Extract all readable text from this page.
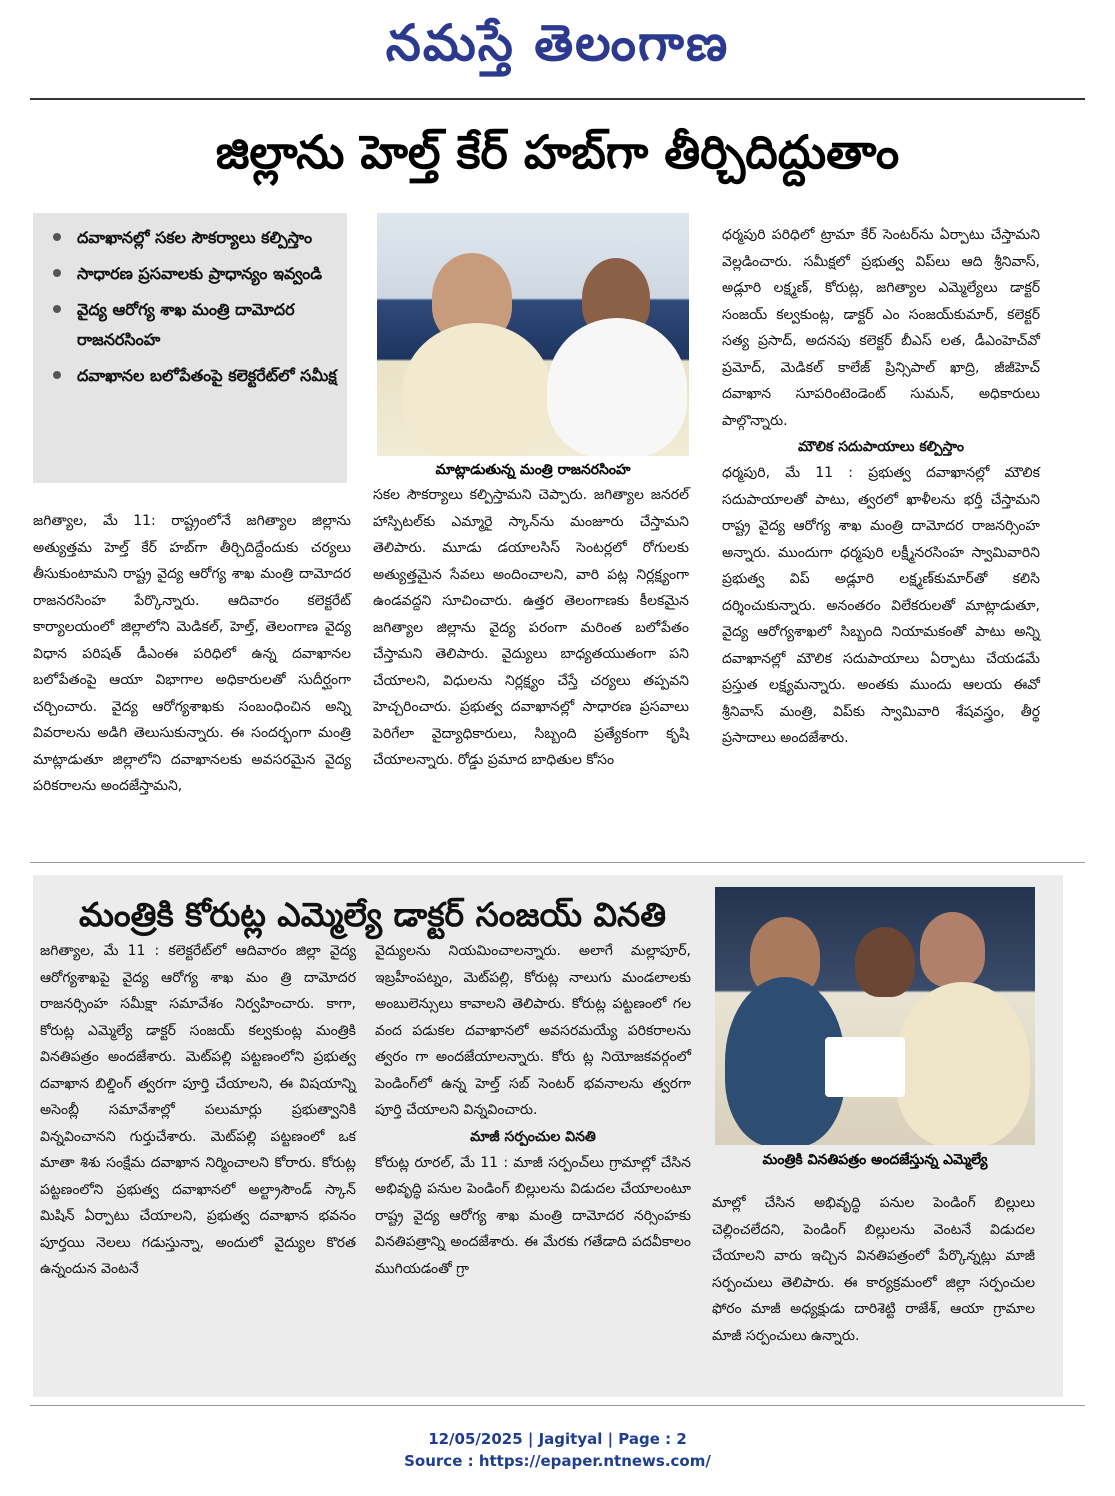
నమస్తే తెలంగాణ
జిల్లాను హెల్త్ కేర్ హబ్‌గా తీర్చిదిద్దుతాం
దవాఖానల్లో సకల సౌకర్యాలు కల్పిస్తాం
సాధారణ ప్రసవాలకు ప్రాధాన్యం ఇవ్వండి
వైద్య ఆరోగ్య శాఖ మంత్రి దామోదర రాజనరసింహ
దవాఖానల బలోపేతంపై కలెక్టరేట్‌లో సమీక్ష
మాట్లాడుతున్న మంత్రి రాజనరసింహ

జగిత్యాల, మే 11: రాష్ట్రంలోనే జగిత్యాల జిల్లాను అత్యుత్తమ హెల్త్ కేర్ హబ్‌గా తీర్చిదిద్దేందుకు చర్యలు తీసుకుంటామని రాష్ట్ర వైద్య ఆరోగ్య శాఖ మంత్రి దామోదర రాజనరసింహ పేర్కొన్నారు. ఆదివారం కలెక్టరేట్ కార్యాలయంలో జిల్లాలోని మెడికల్, హెల్త్, తెలంగాణ వైద్య విధాన పరిషత్ డీఎంఈ పరిధిలో ఉన్న దవాఖానల బలోపేతంపై ఆయా విభాగాల అధికారులతో సుదీర్ఘంగా చర్చించారు. వైద్య ఆరోగ్యశాఖకు సంబంధించిన అన్ని వివరాలను అడిగి తెలుసుకున్నారు. ఈ సందర్భంగా మంత్రి మాట్లాడుతూ జిల్లాలోని దవాఖానలకు అవసరమైన వైద్య పరికరాలను అందజేస్తామని,

సకల సౌకర్యాలు కల్పిస్తామని చెప్పారు. జగిత్యాల జనరల్ హాస్పిటల్‌కు ఎమ్మారై స్కాన్‌ను మంజూరు చేస్తామని తెలిపారు. మూడు డయాలసిస్ సెంటర్లలో రోగులకు అత్యుత్తమైన సేవలు అందించాలని, వారి పట్ల నిర్లక్ష్యంగా ఉండవద్దని సూచించారు. ఉత్తర తెలంగాణకు కీలకమైన జగిత్యాల జిల్లాను వైద్య పరంగా మరింత బలోపేతం చేస్తామని తెలిపారు. వైద్యులు బాధ్యతయుతంగా పని చేయాలని, విధులను నిర్లక్ష్యం చేస్తే చర్యలు తప్పవని హెచ్చరించారు. ప్రభుత్వ దవాఖానల్లో సాధారణ ప్రసవాలు పెరిగేలా వైద్యాధికారులు, సిబ్బంది ప్రత్యేకంగా కృషి చేయాలన్నారు. రోడ్డు ప్రమాద బాధితుల కోసం

ధర్మపురి పరిధిలో ట్రామా కేర్ సెంటర్‌ను ఏర్పాటు చేస్తామని వెల్లడించారు. సమీక్షలో ప్రభుత్వ విప్‌లు ఆది శ్రీనివాస్, అడ్లూరి లక్ష్మణ్, కోరుట్ల, జగిత్యాల ఎమ్మెల్యేలు డాక్టర్ సంజయ్ కల్వకుంట్ల, డాక్టర్ ఎం సంజయ్‌కుమార్, కలెక్టర్ సత్య ప్రసాద్, అదనపు కలెక్టర్ బీఎస్ లత, డీఎంహెచ్‌వో ప్రమోద్, మెడికల్ కాలేజ్ ప్రిన్సిపాల్ ఖాద్రి, జీజీహెచ్ దవాఖాన సూపరింటెండెంట్ సుమన్, అధికారులు పాల్గొన్నారు.

మౌలిక సదుపాయాలు కల్పిస్తాం

ధర్మపురి, మే 11 : ప్రభుత్వ దవాఖానల్లో మౌలిక సదుపాయాలతో పాటు, త్వరలో ఖాళీలను భర్తీ చేస్తామని రాష్ట్ర వైద్య ఆరోగ్య శాఖ మంత్రి దామోదర రాజనర్సింహ అన్నారు. ముందుగా ధర్మపురి లక్ష్మీనరసింహ స్వామివారిని ప్రభుత్వ విప్ అడ్లూరి లక్ష్మణ్‌కుమార్‌తో కలిసి దర్శించుకున్నారు. అనంతరం విలేకరులతో మాట్లాడుతూ, వైద్య ఆరోగ్యశాఖలో సిబ్బంది నియామకంతో పాటు అన్ని దవాఖానల్లో మౌలిక సదుపాయాలు ఏర్పాటు చేయడమే ప్రస్తుత లక్ష్యమన్నారు. అంతకు ముందు ఆలయ ఈవో శ్రీనివాస్ మంత్రి, విప్‌కు స్వామివారి శేషవస్త్రం, తీర్థ ప్రసాదాలు అందజేశారు.

మంత్రికి కోరుట్ల ఎమ్మెల్యే డాక్టర్ సంజయ్ వినతి
మంత్రికి వినతిపత్రం అందజేస్తున్న ఎమ్మెల్యే

జగిత్యాల, మే 11 : కలెక్టరేట్‌లో ఆదివారం జిల్లా వైద్య ఆరోగ్యశాఖపై వైద్య ఆరోగ్య శాఖ మం త్రి దామోదర రాజనర్సింహ సమీక్షా సమావేశం నిర్వహించారు. కాగా, కోరుట్ల ఎమ్మెల్యే డాక్టర్ సంజయ్ కల్వకుంట్ల మంత్రికి వినతిపత్రం అందజేశారు. మెట్‌పల్లి పట్టణంలోని ప్రభుత్వ దవాఖాన బిల్డింగ్ త్వరగా పూర్తి చేయాలని, ఈ విషయాన్ని అసెంబ్లీ సమావేశాల్లో పలుమార్లు ప్రభుత్వానికి విన్నవించానని గుర్తుచేశారు. మెట్‌పల్లి పట్టణంలో ఒక మాతా శిశు సంక్షేమ దవాఖాన నిర్మించాలని కోరారు. కోరుట్ల పట్టణంలోని ప్రభుత్వ దవాఖానలో అల్ట్రాసౌండ్ స్కాన్ మిషిన్ ఏర్పాటు చేయాలని, ప్రభుత్వ దవాఖాన భవనం పూర్తయి నెలలు గడుస్తున్నా, అందులో వైద్యుల కొరత ఉన్నందున వెంటనే

వైద్యులను నియమించాలన్నారు. అలాగే మల్లాపూర్, ఇబ్రహీంపట్నం, మెట్‌పల్లి, కోరుట్ల నాలుగు మండలాలకు అంబులెన్సులు కావాలని తెలిపారు. కోరుట్ల పట్టణంలో గల వంద పడుకల దవాఖానలో అవసరమయ్యే పరికరాలను త్వరం గా అందజేయాలన్నారు. కోరు ట్ల నియోజకవర్గంలో పెండింగ్‌లో ఉన్న హెల్త్ సబ్ సెంటర్ భవనాలను త్వరగా పూర్తి చేయాలని విన్నవించారు.

మాజీ సర్పంచుల వినతి

కోరుట్ల రూరల్, మే 11 : మాజీ సర్పంచ్‌లు గ్రామాల్లో చేసిన అభివృద్ధి పనుల పెండింగ్ బిల్లులను విడుదల చేయాలంటూ రాష్ట్ర వైద్య ఆరోగ్య శాఖ మంత్రి దామోదర నర్సింహకు వినతిపత్రాన్ని అందజేశారు. ఈ మేరకు గతేడాది పదవీకాలం ముగియడంతో గ్రా

మాల్లో చేసిన అభివృద్ధి పనుల పెండింగ్ బిల్లులు చెల్లించలేదని, పెండింగ్ బిల్లులను వెంటనే విడుదల చేయాలని వారు ఇచ్చిన వినతిపత్రంలో పేర్కొన్నట్లు మాజీ సర్పంచులు తెలిపారు. ఈ కార్యక్రమంలో జిల్లా సర్పంచుల ఫోరం మాజీ అధ్యక్షుడు దారిశెట్టి రాజేశ్, ఆయా గ్రామాల మాజీ సర్పంచులు ఉన్నారు.

12/05/2025 | Jagityal | Page : 2
Source : https://epaper.ntnews.com/
